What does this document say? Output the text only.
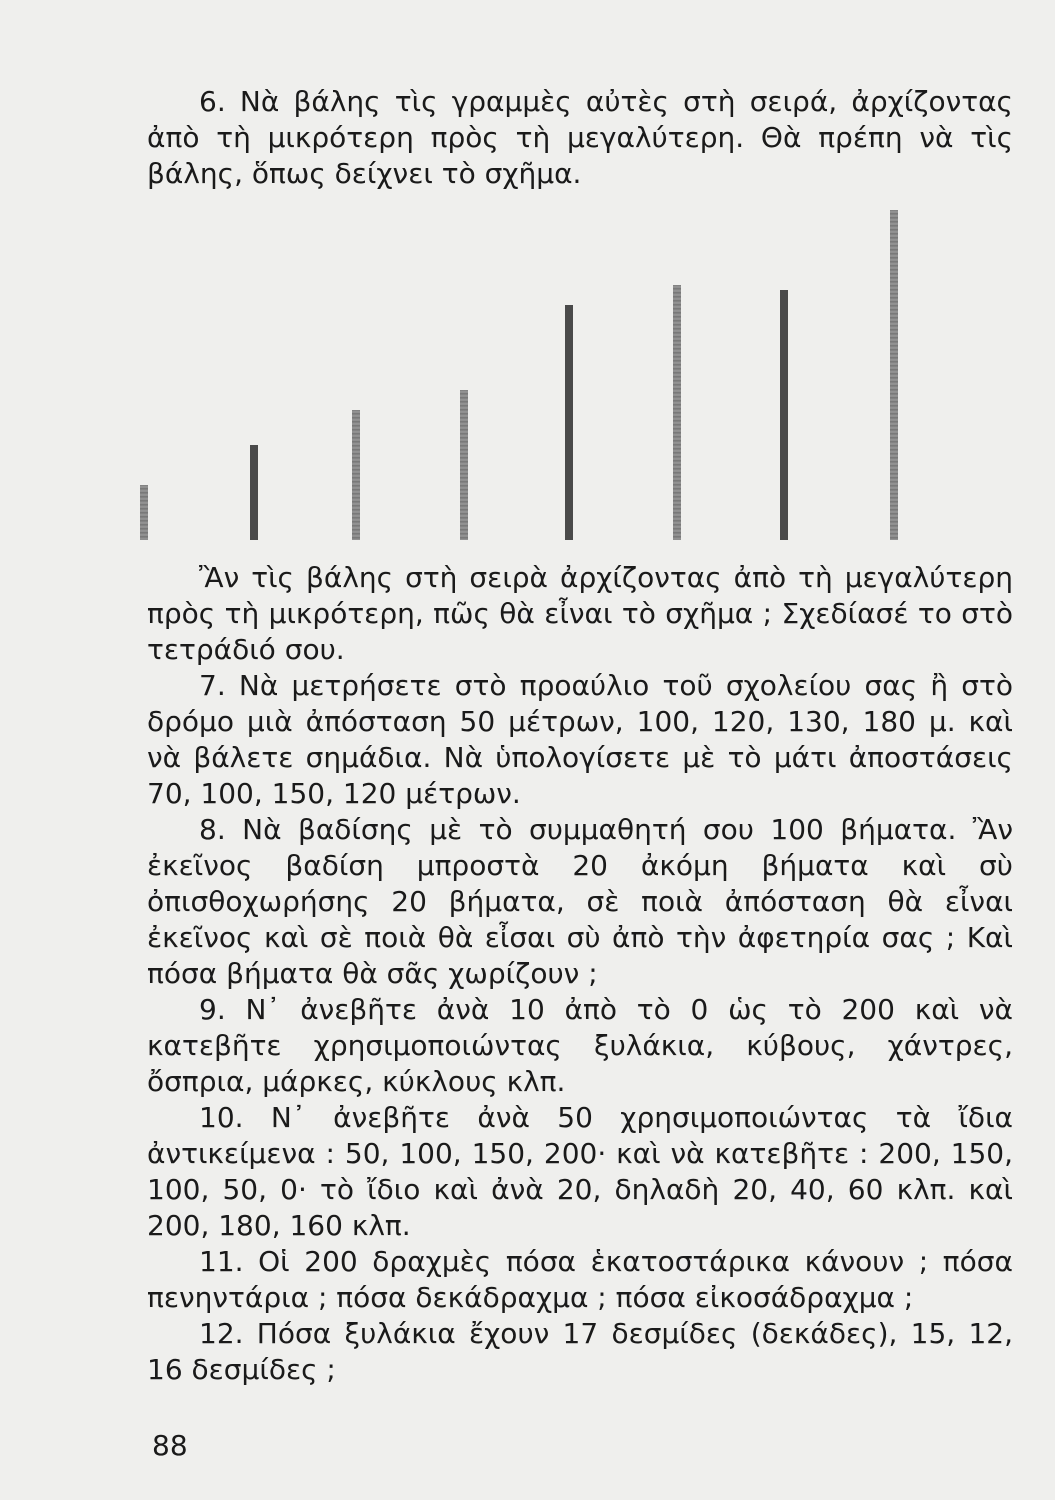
6. Νὰ βάλης τὶς γραμμὲς αὐτὲς στὴ σειρά, ἀρχίζοντας ἀπὸ τὴ μικρότερη πρὸς τὴ μεγαλύτερη. Θὰ πρέπη νὰ τὶς βάλης, ὅπως δείχνει τὸ σχῆμα.

Ἂν τὶς βάλης στὴ σειρὰ ἀρχίζοντας ἀπὸ τὴ μεγαλύτερη πρὸς τὴ μικρότερη, πῶς θὰ εἶναι τὸ σχῆμα ; Σχεδίασέ το στὸ τετράδιό σου.

7. Νὰ μετρήσετε στὸ προαύλιο τοῦ σχολείου σας ἢ στὸ δρόμο μιὰ ἀπόσταση 50 μέτρων, 100, 120, 130, 180 μ. καὶ νὰ βάλετε σημάδια. Νὰ ὑπολογίσετε μὲ τὸ μάτι ἀποστάσεις 70, 100, 150, 120 μέτρων.

8. Νὰ βαδίσης μὲ τὸ συμμαθητή σου 100 βήματα. Ἂν ἐκεῖνος βαδίση μπροστὰ 20 ἀκόμη βήματα καὶ σὺ ὀπισθοχωρήσης 20 βήματα, σὲ ποιὰ ἀπόσταση θὰ εἶναι ἐκεῖνος καὶ σὲ ποιὰ θὰ εἶσαι σὺ ἀπὸ τὴν ἀφετηρία σας ; Καὶ πόσα βήματα θὰ σᾶς χωρίζουν ;

9. Ν᾿ ἀνεβῆτε ἀνὰ 10 ἀπὸ τὸ 0 ὡς τὸ 200 καὶ νὰ κατεβῆτε χρησιμοποιώντας ξυλάκια, κύβους, χάντρες, ὄσπρια, μάρκες, κύκλους κλπ.

10. Ν᾿ ἀνεβῆτε ἀνὰ 50 χρησιμοποιώντας τὰ ἴδια ἀντικείμενα : 50, 100, 150, 200· καὶ νὰ κατεβῆτε : 200, 150, 100, 50, 0· τὸ ἴδιο καὶ ἀνὰ 20, δηλαδὴ 20, 40, 60 κλπ. καὶ 200, 180, 160 κλπ.

11. Οἱ 200 δραχμὲς πόσα ἑκατοστάρικα κάνουν ; πόσα πενηντάρια ; πόσα δεκάδραχμα ; πόσα εἰκοσάδραχμα ;

12. Πόσα ξυλάκια ἔχουν 17 δεσμίδες (δεκάδες), 15, 12, 16 δεσμίδες ;

88
